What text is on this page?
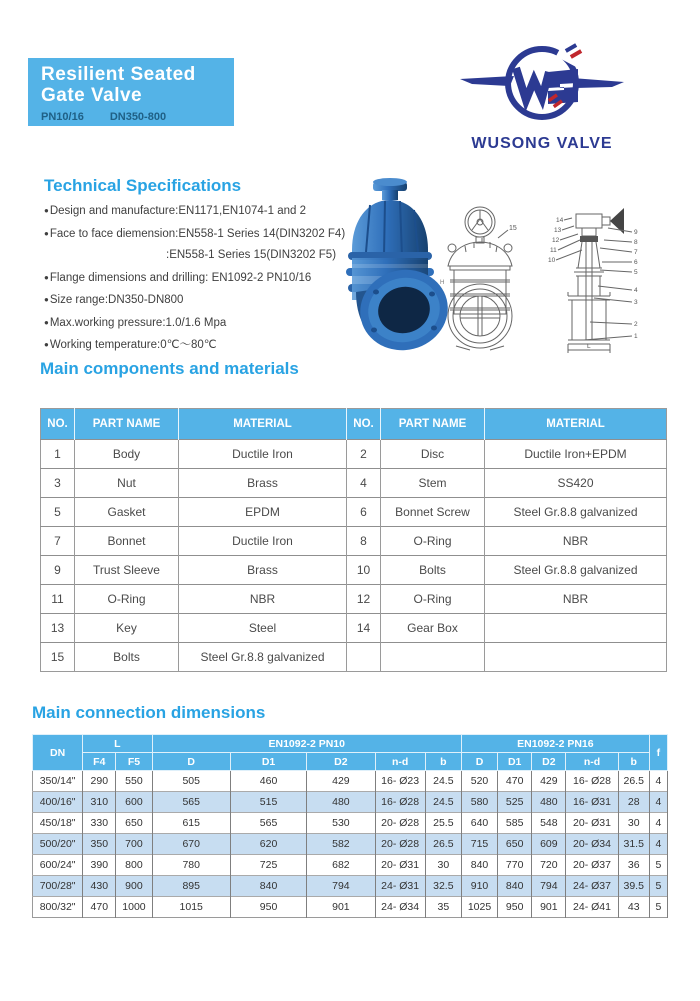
Resilient Seated
Gate Valve
PN10/16 DN350-800
WUSONG VALVE
Technical Specifications
●Design and manufacture:EN1171,EN1074-1 and 2
●Face to face diemension:EN558-1 Series 14(DIN3202 F4)
:EN558-1 Series 15(DIN3202 F5)
●Flange dimensions and drilling: EN1092-2 PN10/16
●Size range:DN350-DN800
●Max.working pressure:1.0/1.6 Mpa
●Working temperature:0℃～80℃
15
H
14
13
12
11
10
9
8
7
6
5
4
3
2
1
L
Main components and materials
NO.	PART NAME	MATERIAL	NO.	PART NAME	MATERIAL
1	Body	Ductile Iron	2	Disc	Ductile Iron+EPDM
3	Nut	Brass	4	Stem	SS420
5	Gasket	EPDM	6	Bonnet Screw	Steel Gr.8.8 galvanized
7	Bonnet	Ductile Iron	8	O-Ring	NBR
9	Trust Sleeve	Brass	10	Bolts	Steel Gr.8.8 galvanized
11	O-Ring	NBR	12	O-Ring	NBR
13	Key	Steel	14	Gear Box	
15	Bolts	Steel Gr.8.8 galvanized			
Main connection dimensions
DN	L		EN1092-2 PN10					EN1092-2 PN16					f
	F4	F5	D	D1	D2	n-d	b	D	D1	D2	n-d	b	
350/14"	290	550	505	460	429	16- Ø23	24.5	520	470	429	16- Ø28	26.5	4
400/16"	310	600	565	515	480	16- Ø28	24.5	580	525	480	16- Ø31	28	4
450/18"	330	650	615	565	530	20- Ø28	25.5	640	585	548	20- Ø31	30	4
500/20"	350	700	670	620	582	20- Ø28	26.5	715	650	609	20- Ø34	31.5	4
600/24"	390	800	780	725	682	20- Ø31	30	840	770	720	20- Ø37	36	5
700/28"	430	900	895	840	794	24- Ø31	32.5	910	840	794	24- Ø37	39.5	5
800/32"	470	1000	1015	950	901	24- Ø34	35	1025	950	901	24- Ø41	43	5
